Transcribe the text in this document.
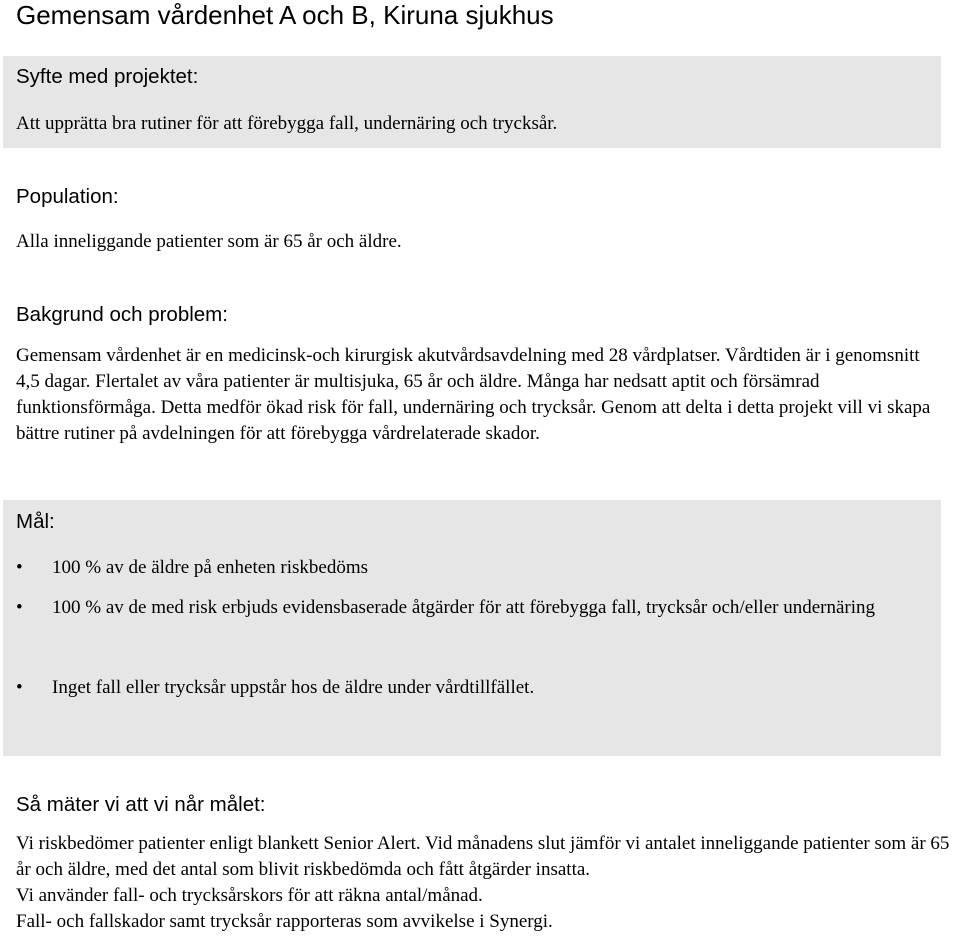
Gemensam vårdenhet A och B, Kiruna sjukhus
Syfte med projektet:

Att upprätta bra rutiner för att förebygga fall, undernäring och trycksår.

Population:

Alla inneliggande patienter som är 65 år och äldre.

Bakgrund och problem:

Gemensam vårdenhet är en medicinsk-och kirurgisk akutvårdsavdelning med 28 vårdplatser. Vårdtiden är i genomsnitt 4,5 dagar. Flertalet av våra patienter är multisjuka, 65 år och äldre. Många har nedsatt aptit och försämrad funktionsförmåga. Detta medför ökad risk för fall, undernäring och trycksår. Genom att delta i detta projekt vill vi skapa bättre rutiner på avdelningen för att förebygga vårdrelaterade skador.

Mål:
•	100 % av de äldre på enheten riskbedöms
•	100 % av de med risk erbjuds evidensbaserade åtgärder för att förebygga fall, trycksår och/eller undernäring
•	Inget fall eller trycksår uppstår hos de äldre under vårdtillfället.
Så mäter vi att vi når målet:

Vi riskbedömer patienter enligt blankett Senior Alert. Vid månadens slut jämför vi antalet inneliggande patienter som är 65 år och äldre, med det antal som blivit riskbedömda och fått åtgärder insatta.

Vi använder fall- och trycksårskors för att räkna antal/månad.

Fall- och fallskador samt trycksår rapporteras som avvikelse i Synergi.
